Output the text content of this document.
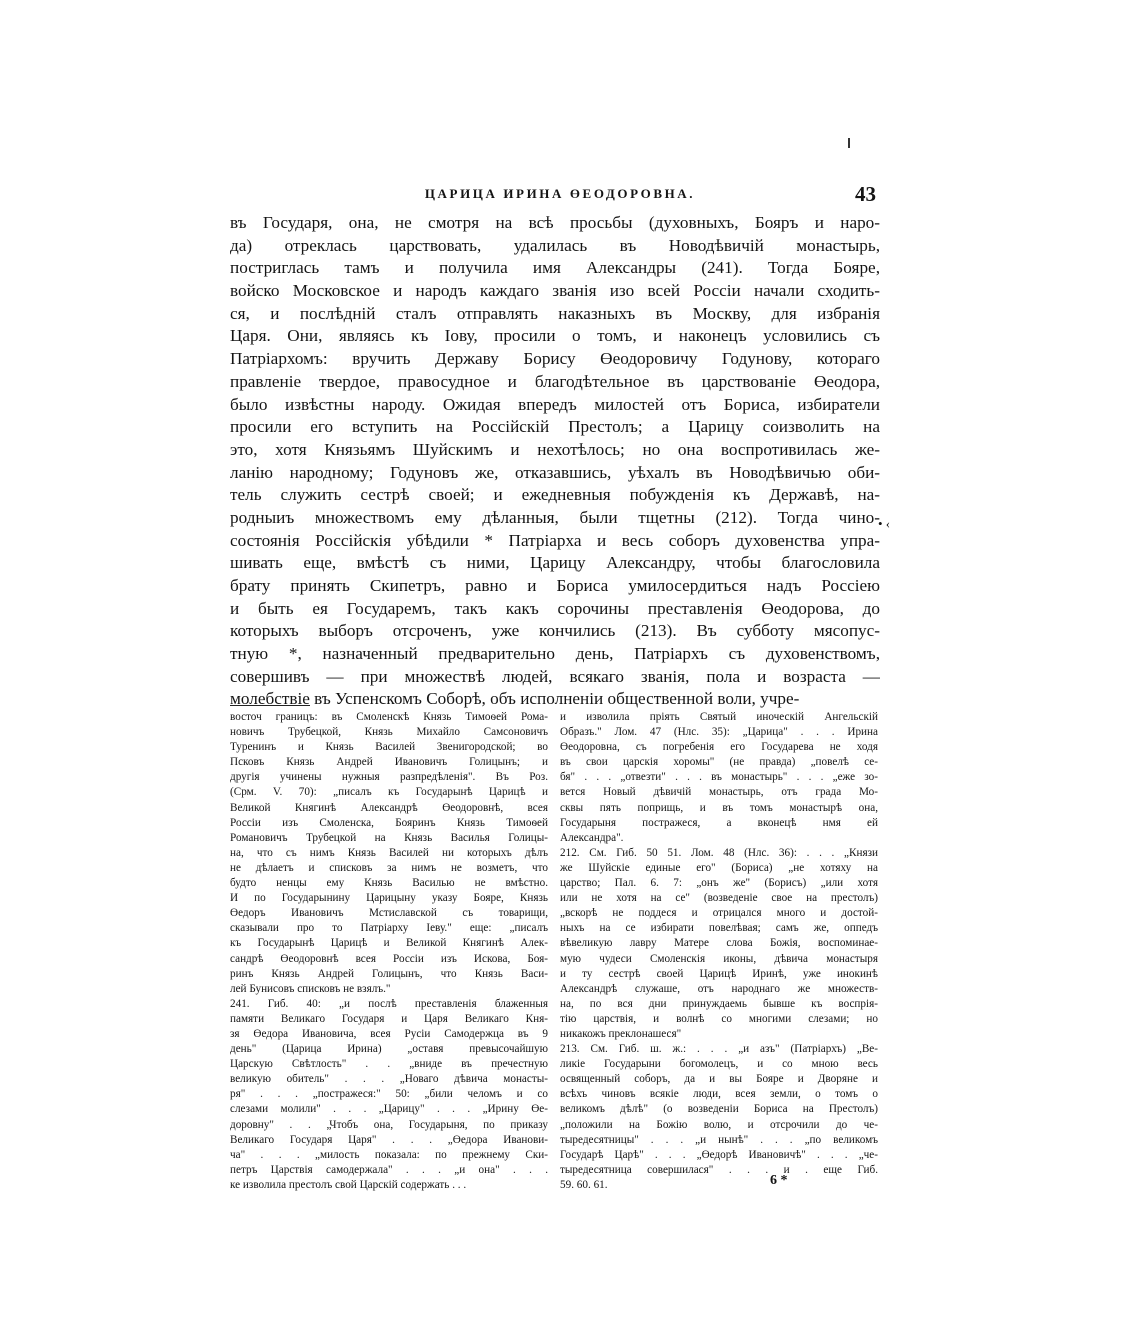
ЦАРИЦА ИРИНА ӨЕОДОРОВНА.	43
въ Государя, она, не смотря на всѣ просьбы (духовныхъ, Бояръ и наро-
да) отреклась царствовать, удалилась въ Новодѣвичій монастырь,
постриглась тамъ и получила имя Александры (241). Тогда Бояре,
войско Московское и народъ каждаго званія изо всей Россіи начали сходить-
ся, и послѣдній сталъ отправлять наказныхъ въ Москву, для избранія
Царя. Они, являясь къ Іову, просили о томъ, и наконецъ условились съ
Патріархомъ: вручить Державу Борису Өеодоровичу Годунову, котораго
правленіе твердое, правосудное и благодѣтельное въ царствованіе Өеодора,
было извѣстны народу. Ожидая впередъ милостей отъ Бориса, избиратели
просили его вступить на Россійскій Престолъ; а Царицу соизволить на
это, хотя Князьямъ Шуйскимъ и нехотѣлось; но она воспротивилась же-
ланію народному; Годуновъ же, отказавшись, уѣхалъ въ Новодѣвичью оби-
тель служить сестрѣ своей; и ежедневныя побужденія къ Державѣ, на-
родныиъ множествомъ ему дѣланныя, были тщетны (212). Тогда чино-
состоянія Россійскія убѣдили * Патріарха и весь соборъ духовенства упра-
шивать еще, вмѣстѣ съ ними, Царицу Александру, чтобы благословила
брату принять Скипетръ, равно и Бориса умилосердиться надъ Россіею
и быть ея Государемъ, такъ какъ сорочины преставленія Өеодорова, до
которыхъ выборъ отсроченъ, уже кончились (213). Въ субботу мясопус-
тную *, назначенный предварительно день, Патріархъ съ духовенствомъ,
совершивъ — при множествѣ людей, всякаго званія, пола и возраста —
молебствіе въ Успенскомъ Соборѣ, объ исполненіи общественной воли, учре-
• ‹
восточ границъ: въ Смоленскѣ Князь Тимоѳей Рома-
новичъ Трубецкой, Князь Михайло Самсоновичъ
Туренинъ и Князь Василей Звенигородской; во
Псковъ Князь Андрей Ивановичъ Голицынъ; и
другія учинены нужныя разпредѣленія". Въ Роз.
(Срм. V. 70): „писалъ къ Государынѣ Царицѣ и
Великой Княгинѣ Александрѣ Өеодоровнѣ, всея
Россіи изъ Смоленска, Бояринъ Князь Тимоѳей
Романовичъ Трубецкой на Князь Василья Голицы-
на, что съ нимъ Князь Василей ни которыхъ дѣлъ
не дѣлаетъ и списковъ за нимъ не возметъ, что
будто ненцы ему Князь Василью не вмѣстно.
И по Государынину Царицыну указу Бояре, Князь
Өедоръ Ивановичъ Мстиславской съ товарищи,
сказывали про то Патріарху Іеву." еще: „писалъ
къ Государынѣ Царицѣ и Великой Княгинѣ Алек-
сандрѣ Өеодоровнѣ всея Россіи изъ Искова, Боя-
ринъ Князь Андрей Голицынъ, что Князь Васи-
лей Бунисовъ списковъ не взялъ."
241. Гиб. 40: „и послѣ преставленія блаженныя
памяти Великаго Государя и Царя Великаго Кня-
зя Өедора Ивановича, всея Русіи Самодержца въ 9
день" (Царица Ирина) „оставя превысочайшую
Царскую Свѣтлость" . . „вниде въ пречестную
великую обитель" . . . „Новаго дѣвича монасты-
ря" . . . „постражеся:" 50: „били челомъ и со
слезами молили" . . . „Царицу" . . . „Ирину Өе-
доровну" . . „Чтобъ она, Государыня, по приказу
Великаго Государя Царя" . . . „Өедора Иванови-
ча" . . . „милость показала: по прежнему Ски-
петръ Царствія самодержала" . . . „и она" . . .
ке изволила престолъ свой Царскій содержать . . .
и изволила пріять Святый иноческій Ангельскій
Образъ." Лом. 47 (Нлс. 35): „Царица" . . . Ирина
Өеодоровна, съ погребенія его Государева не ходя
въ свои царскія хоромы" (не правда) „повелѣ се-
бя" . . . „отвезти" . . . въ монастырь" . . . „еже зо-
вется Новый дѣвичій монастырь, отъ града Мо-
сквы пять поприщь, и въ томъ монастырѣ она,
Государыня постражеся, а вконецѣ нмя ей
Александра".
212. См. Гиб. 50 51. Лом. 48 (Нлс. 36): . . . „Князи
же Шуйскіе единые его" (Бориса) „не хотяху на
царство; Пал. 6. 7: „онъ же" (Борисъ) „или хотя
или не хотя на се" (возведеніе свое на престолъ)
„вскорѣ не поддеся и отрицался много и достой-
ныхъ на се избирати повелѣвая; самъ же, оппедъ
вѣвеликую лавру Матере слова Божія, воспоминае-
мую чудеси Смоленскія иконы, дѣвича монастыря
и ту сестрѣ своей Царицѣ Иринѣ, уже инокинѣ
Александрѣ служаше, отъ народнаго же множеств-
на, по вся дни принуждаемь бывше къ воспрія-
тію царствія, и волнѣ со многими слезами; но
никакожъ преклонашеся"
213. См. Гиб. ш. ж.: . . . „и азъ" (Патріархъ) „Ве-
ликіе Государыни богомолецъ, и со мною весь
освященный соборъ, да и вы Бояре и Дворяне и
всѣхъ чиновъ всякіе люди, всея земли, о томъ о
великомъ дѣлѣ" (о возведеніи Бориса на Престолъ)
„положили на Божію волю, и отсрочили до че-
тыредесятницы" . . . „и нынѣ" . . . „по великомъ
Государѣ Царѣ" . . . „Өедорѣ Ивановичѣ" . . . „че-
тыредесятница совершилася" . . . и . еще Гиб.
59. 60. 61.	6 *
